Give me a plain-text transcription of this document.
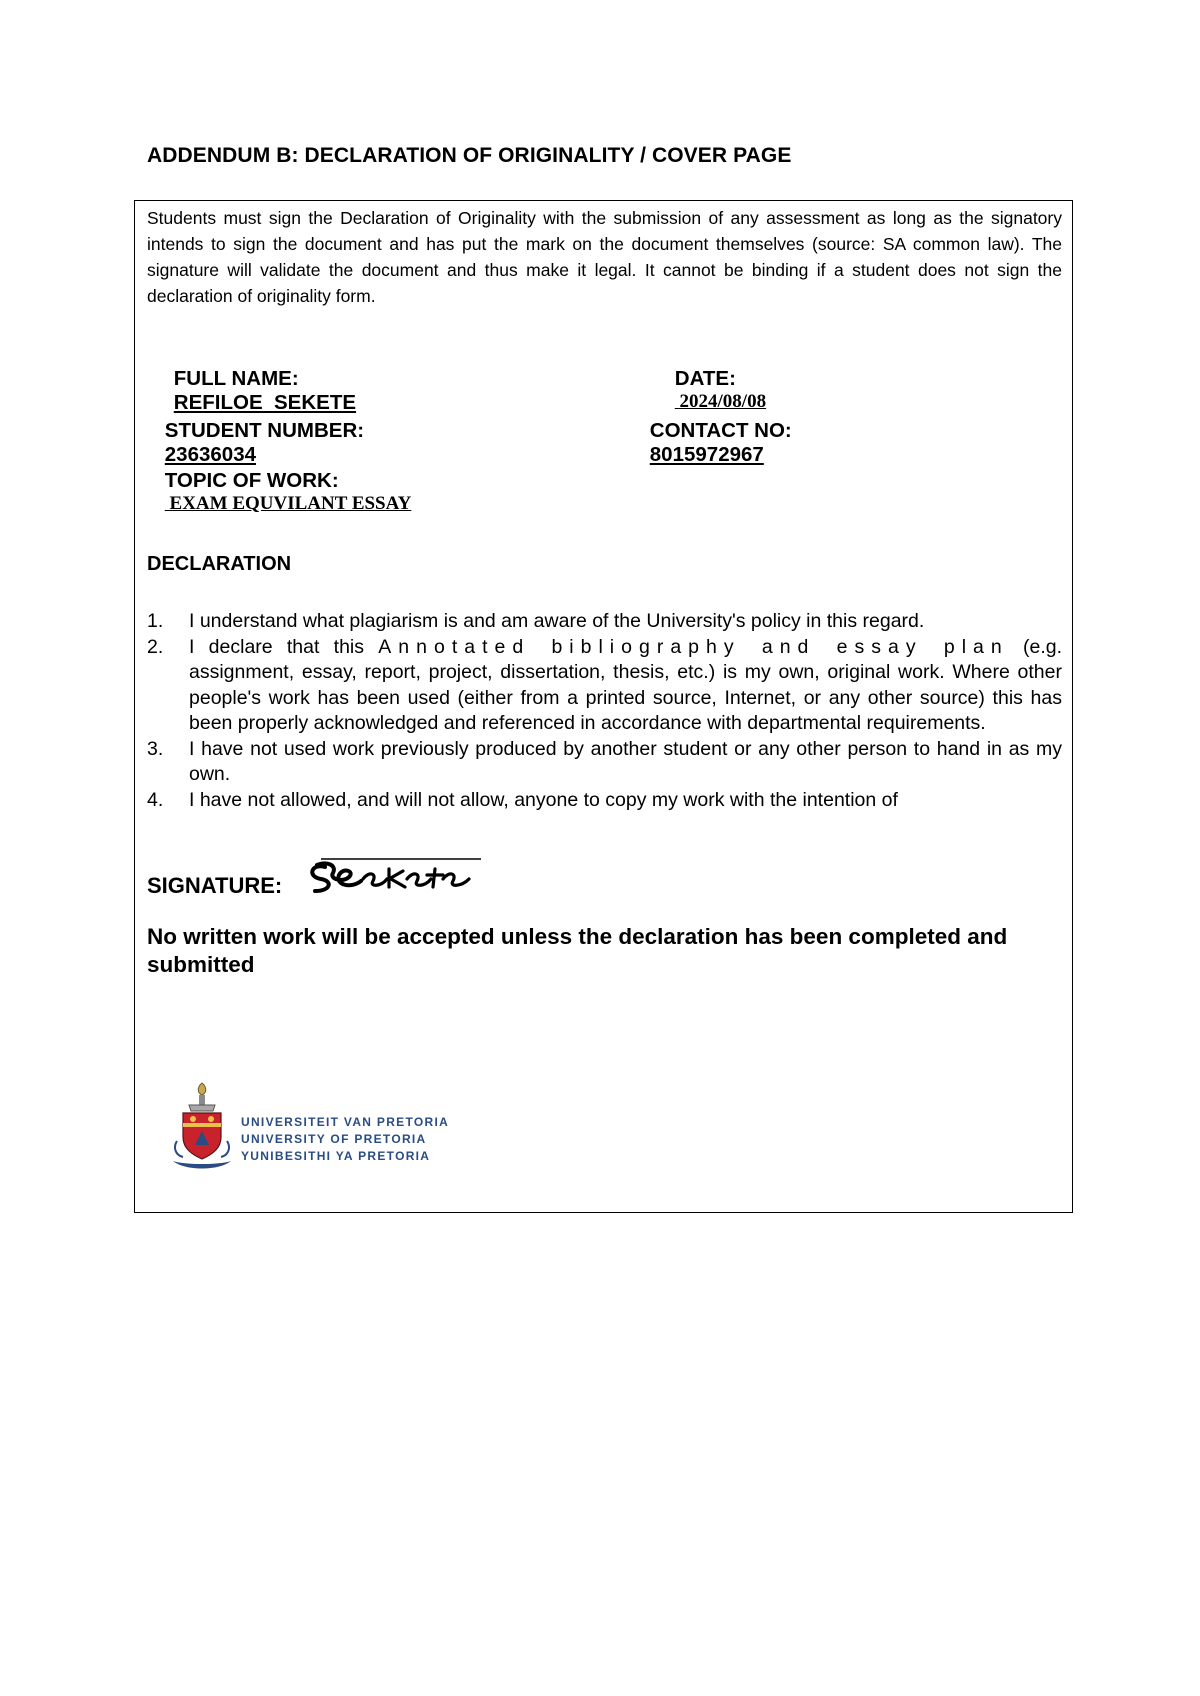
ADDENDUM B: DECLARATION OF ORIGINALITY / COVER PAGE

Students must sign the Declaration of Originality with the submission of any assessment as long as the signatory intends to sign the document and has put the mark on the document themselves (source: SA common law). The signature will validate the document and thus make it legal. It cannot be binding if a student does not sign the declaration of originality form.

FULL NAME:
REFILOE  SEKETE

DATE:
2024/08/08

STUDENT NUMBER:
23636034

CONTACT NO:
8015972967

TOPIC OF WORK:
EXAM EQUVILANT ESSAY

DECLARATION
1. I understand what plagiarism is and am aware of the University's policy in this regard.
2. I declare that this Annotated bibliography and essay plan (e.g. assignment, essay, report, project, dissertation, thesis, etc.) is my own, original work. Where other people's work has been used (either from a printed source, Internet, or any other source) this has been properly acknowledged and referenced in accordance with departmental requirements.
3. I have not used work previously produced by another student or any other person to hand in as my own.
4. I have not allowed, and will not allow, anyone to copy my work with the intention of
SIGNATURE:

No written work will be accepted unless the declaration has been completed and submitted

UNIVERSITEIT VAN PRETORIA
UNIVERSITY OF PRETORIA
YUNIBESITHI YA PRETORIA
